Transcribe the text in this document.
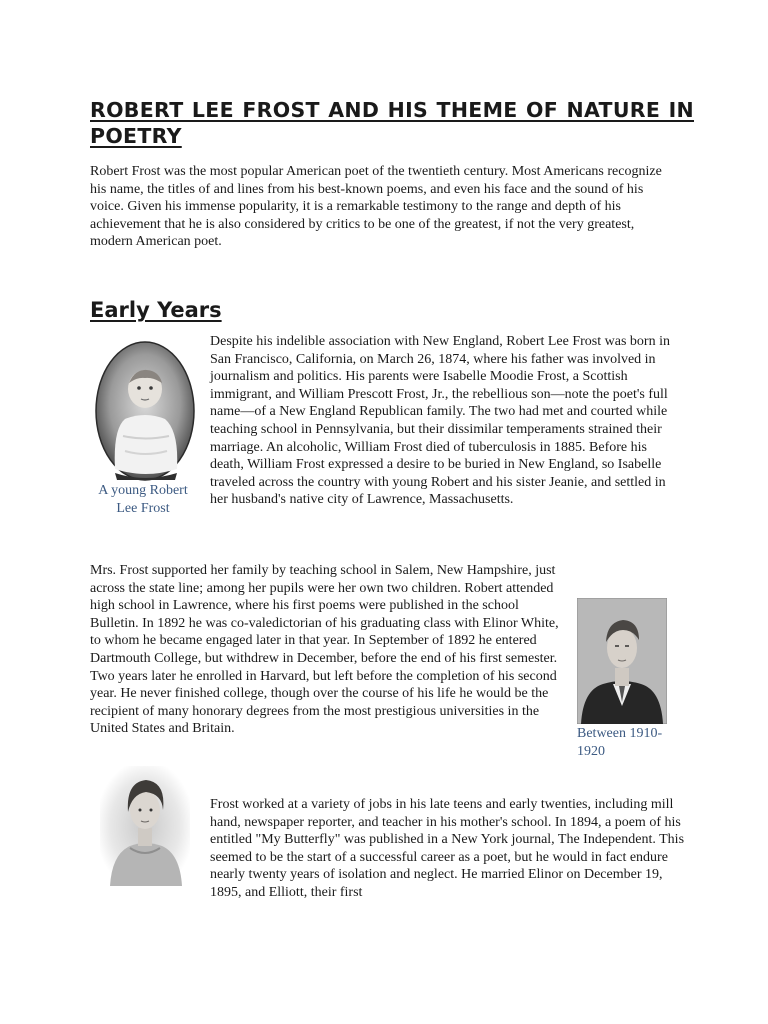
ROBERT LEE FROST AND HIS THEME OF NATURE IN POETRY

Robert Frost was the most popular American poet of the twentieth century. Most Americans recognize his name, the titles of and lines from his best-known poems, and even his face and the sound of his voice. Given his immense popularity, it is a remarkable testimony to the range and depth of his achievement that he is also considered by critics to be one of the greatest, if not the very greatest, modern American poet.

Early Years
A young Robert Lee Frost

Despite his indelible association with New England, Robert Lee Frost was born in San Francisco, California, on March 26, 1874, where his father was involved in journalism and politics. His parents were Isabelle Moodie Frost, a Scottish immigrant, and William Prescott Frost, Jr., the rebellious son—note the poet's full name—of a New England Republican family. The two had met and courted while teaching school in Pennsylvania, but their dissimilar temperaments strained their marriage. An alcoholic, William Frost died of tuberculosis in 1885. Before his death, William Frost expressed a desire to be buried in New England, so Isabelle traveled across the country with young Robert and his sister Jeanie, and settled in her husband's native city of Lawrence, Massachusetts.

Mrs. Frost supported her family by teaching school in Salem, New Hampshire, just across the state line; among her pupils were her own two children. Robert attended high school in Lawrence, where his first poems were published in the school Bulletin. In 1892 he was co-valedictorian of his graduating class with Elinor White, to whom he became engaged later in that year. In September of 1892 he entered Dartmouth College, but withdrew in December, before the end of his first semester. Two years later he enrolled in Harvard, but left before the completion of his second year. He never finished college, though over the course of his life he would be the recipient of many honorary degrees from the most prestigious universities in the United States and Britain.	Between 1910-1920

Frost worked at a variety of jobs in his late teens and early twenties, including mill hand, newspaper reporter, and teacher in his mother's school. In 1894, a poem of his entitled "My Butterfly" was published in a New York journal, The Independent. This seemed to be the start of a successful career as a poet, but he would in fact endure nearly twenty years of isolation and neglect. He married Elinor on December 19, 1895, and Elliott, their first
